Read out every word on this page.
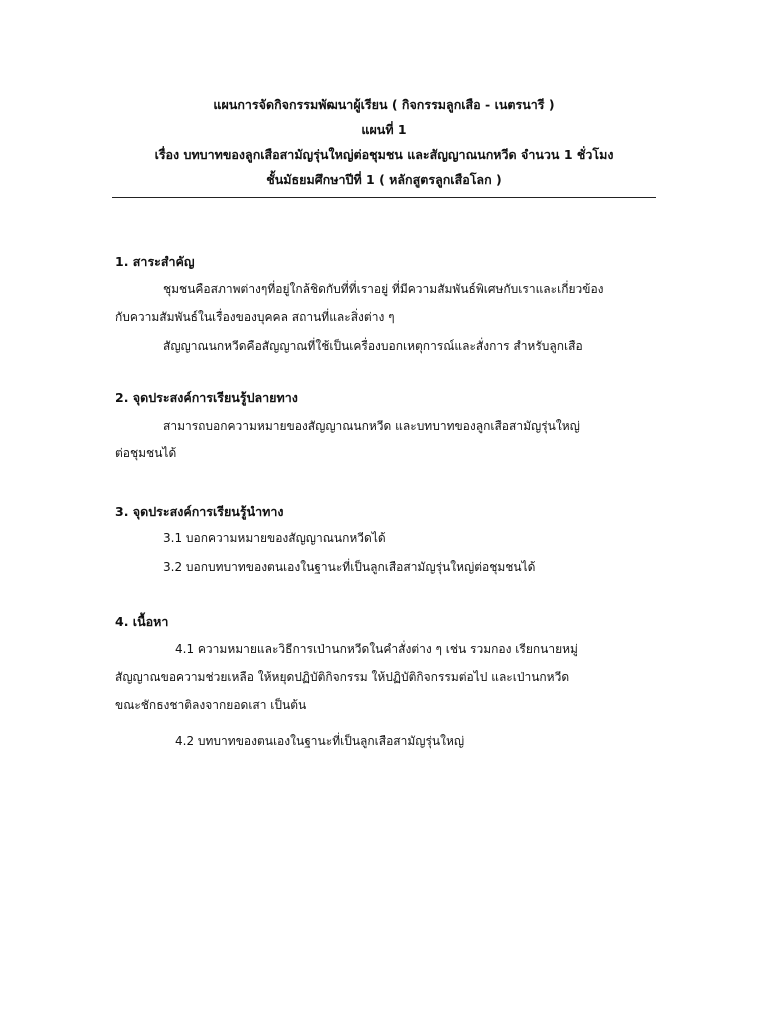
แผนการจัดกิจกรรมพัฒนาผู้เรียน ( กิจกรรมลูกเสือ - เนตรนารี )
แผนที่ 1
เรื่อง บทบาทของลูกเสือสามัญรุ่นใหญ่ต่อชุมชน และสัญญาณนกหวีด จำนวน 1 ชั่วโมง
ชั้นมัธยมศึกษาปีที่ 1 ( หลักสูตรลูกเสือโลก )
1. สาระสำคัญ
ชุมชนคือสภาพต่างๆที่อยู่ใกล้ชิดกับที่ที่เราอยู่ ที่มีความสัมพันธ์พิเศษกับเราและเกี่ยวข้อง
กับความสัมพันธ์ในเรื่องของบุคคล สถานที่และสิ่งต่าง ๆ
สัญญาณนกหวีดคือสัญญาณที่ใช้เป็นเครื่องบอกเหตุการณ์และสั่งการ สำหรับลูกเสือ
2. จุดประสงค์การเรียนรู้ปลายทาง
สามารถบอกความหมายของสัญญาณนกหวีด และบทบาทของลูกเสือสามัญรุ่นใหญ่
ต่อชุมชนได้
3. จุดประสงค์การเรียนรู้นำทาง
3.1 บอกความหมายของสัญญาณนกหวีดได้
3.2 บอกบทบาทของตนเองในฐานะที่เป็นลูกเสือสามัญรุ่นใหญ่ต่อชุมชนได้
4. เนื้อหา
4.1 ความหมายและวิธีการเป่านกหวีดในคำสั่งต่าง ๆ เช่น รวมกอง เรียกนายหมู่
สัญญาณขอความช่วยเหลือ ให้หยุดปฏิบัติกิจกรรม ให้ปฏิบัติกิจกรรมต่อไป และเป่านกหวีด
ขณะชักธงชาติลงจากยอดเสา เป็นต้น
4.2 บทบาทของตนเองในฐานะที่เป็นลูกเสือสามัญรุ่นใหญ่
